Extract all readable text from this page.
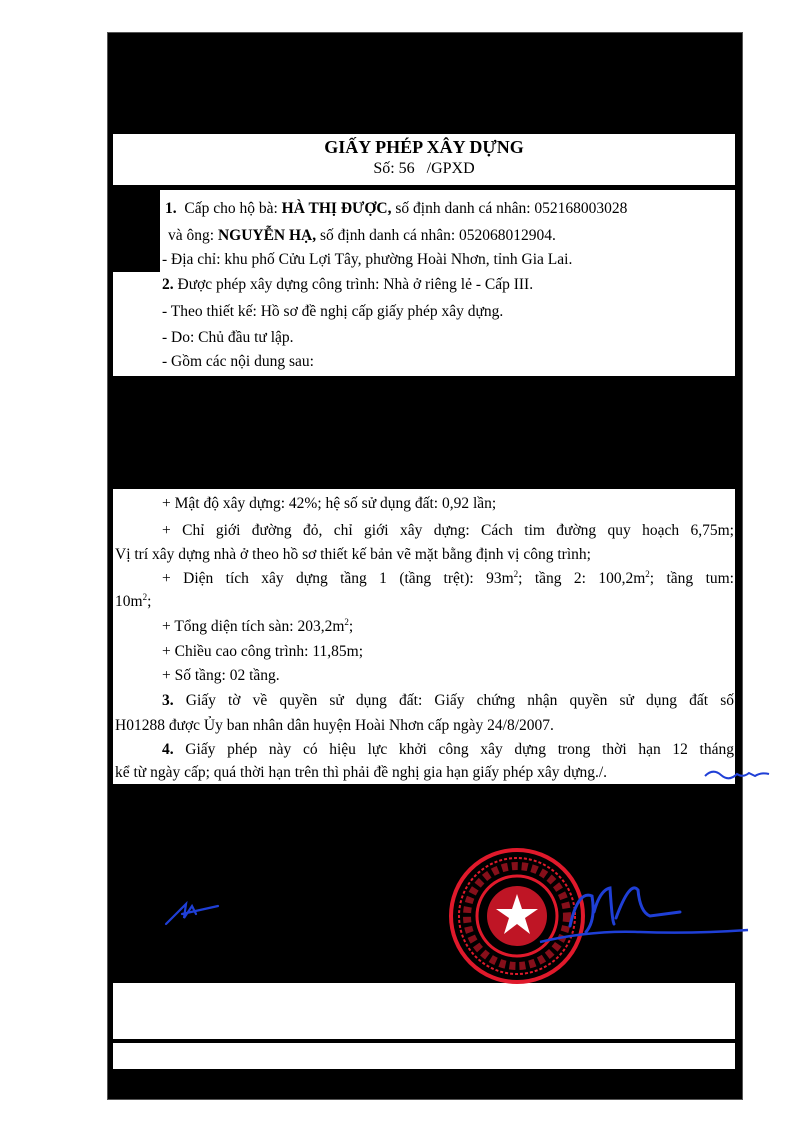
GIẤY PHÉP XÂY DỰNG
Số: 56 /GPXD
1. Cấp cho hộ bà: HÀ THỊ ĐƯỢC, số định danh cá nhân: 052168003028
và ông: NGUYỄN HẠ, số định danh cá nhân: 052068012904.
- Địa chỉ: khu phố Cửu Lợi Tây, phường Hoài Nhơn, tỉnh Gia Lai.
2. Được phép xây dựng công trình: Nhà ở riêng lẻ - Cấp III.
- Theo thiết kế: Hồ sơ đề nghị cấp giấy phép xây dựng.
- Do: Chủ đầu tư lập.
- Gồm các nội dung sau:
+ Mật độ xây dựng: 42%; hệ số sử dụng đất: 0,92 lần;
+ Chỉ giới đường đỏ, chỉ giới xây dựng: Cách tim đường quy hoạch 6,75m;
Vị trí xây dựng nhà ở theo hồ sơ thiết kế bản vẽ mặt bằng định vị công trình;
+ Diện tích xây dựng tầng 1 (tầng trệt): $93m^2$; tầng 2: $100,2m^2$; tầng tum:
$10m^2$;
+ Tổng diện tích sàn: $203,2m^2$;
+ Chiều cao công trình: 11,85m;
+ Số tầng: 02 tầng.
3. Giấy tờ về quyền sử dụng đất: Giấy chứng nhận quyền sử dụng đất số
H01288 được Ủy ban nhân dân huyện Hoài Nhơn cấp ngày 24/8/2007.
4. Giấy phép này có hiệu lực khởi công xây dựng trong thời hạn 12 tháng
kể từ ngày cấp; quá thời hạn trên thì phải đề nghị gia hạn giấy phép xây dựng./.
